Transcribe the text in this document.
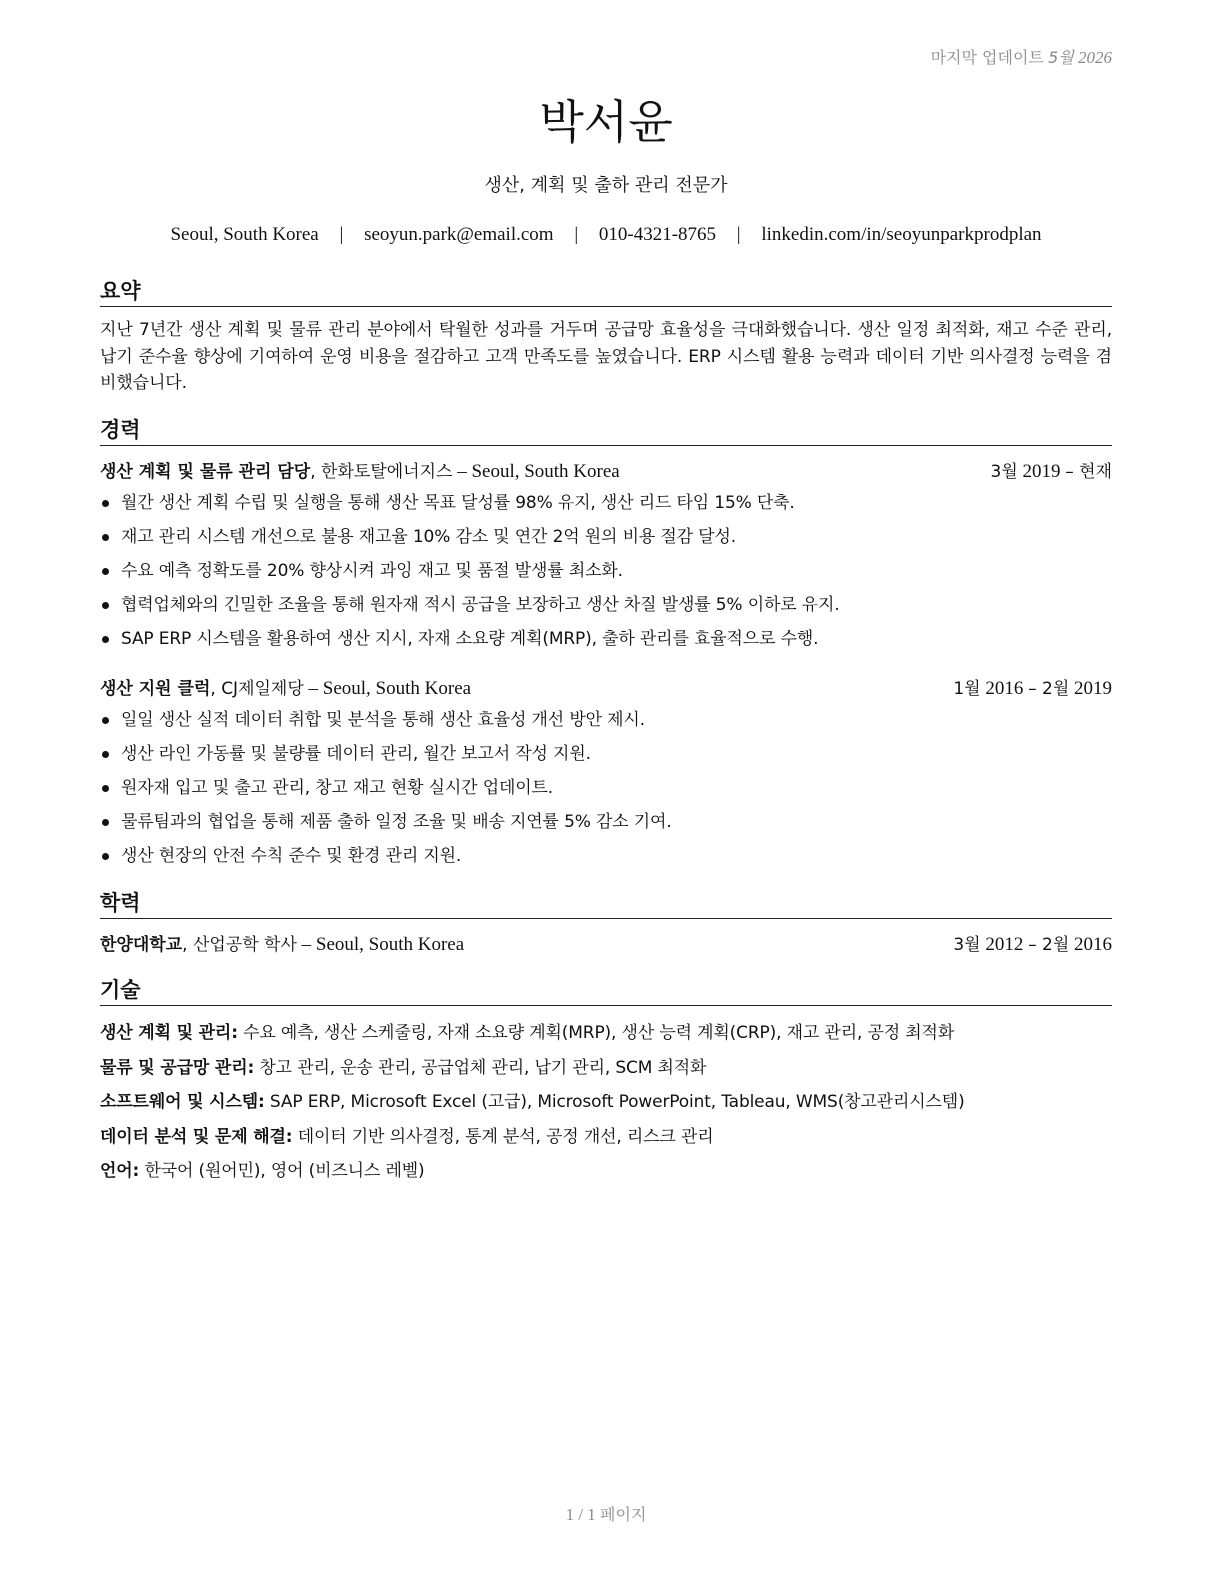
마지막 업데이트 5월 2026
박서윤
생산, 계획 및 출하 관리 전문가
Seoul, South Korea | seoyun.park@email.com | 010-4321-8765 | linkedin.com/in/seoyunparkprodplan
요약
지난 7년간 생산 계획 및 물류 관리 분야에서 탁월한 성과를 거두며 공급망 효율성을 극대화했습니다. 생산 일정 최적화, 재고 수준 관리, 납기 준수율 향상에 기여하여 운영 비용을 절감하고 고객 만족도를 높였습니다. ERP 시스템 활용 능력과 데이터 기반 의사결정 능력을 겸비했습니다.
경력
생산 계획 및 물류 관리 담당, 한화토탈에너지스 – Seoul, South Korea	3월 2019 – 현재
월간 생산 계획 수립 및 실행을 통해 생산 목표 달성률 98% 유지, 생산 리드 타임 15% 단축.
재고 관리 시스템 개선으로 불용 재고율 10% 감소 및 연간 2억 원의 비용 절감 달성.
수요 예측 정확도를 20% 향상시켜 과잉 재고 및 품절 발생률 최소화.
협력업체와의 긴밀한 조율을 통해 원자재 적시 공급을 보장하고 생산 차질 발생률 5% 이하로 유지.
SAP ERP 시스템을 활용하여 생산 지시, 자재 소요량 계획(MRP), 출하 관리를 효율적으로 수행.
생산 지원 클럭, CJ제일제당 – Seoul, South Korea	1월 2016 – 2월 2019
일일 생산 실적 데이터 취합 및 분석을 통해 생산 효율성 개선 방안 제시.
생산 라인 가동률 및 불량률 데이터 관리, 월간 보고서 작성 지원.
원자재 입고 및 출고 관리, 창고 재고 현황 실시간 업데이트.
물류팀과의 협업을 통해 제품 출하 일정 조율 및 배송 지연률 5% 감소 기여.
생산 현장의 안전 수칙 준수 및 환경 관리 지원.
학력
한양대학교, 산업공학 학사 – Seoul, South Korea	3월 2012 – 2월 2016
기술
생산 계획 및 관리: 수요 예측, 생산 스케줄링, 자재 소요량 계획(MRP), 생산 능력 계획(CRP), 재고 관리, 공정 최적화
물류 및 공급망 관리: 창고 관리, 운송 관리, 공급업체 관리, 납기 관리, SCM 최적화
소프트웨어 및 시스템: SAP ERP, Microsoft Excel (고급), Microsoft PowerPoint, Tableau, WMS(창고관리시스템)
데이터 분석 및 문제 해결: 데이터 기반 의사결정, 통계 분석, 공정 개선, 리스크 관리
언어: 한국어 (원어민), 영어 (비즈니스 레벨)
1 / 1 페이지
